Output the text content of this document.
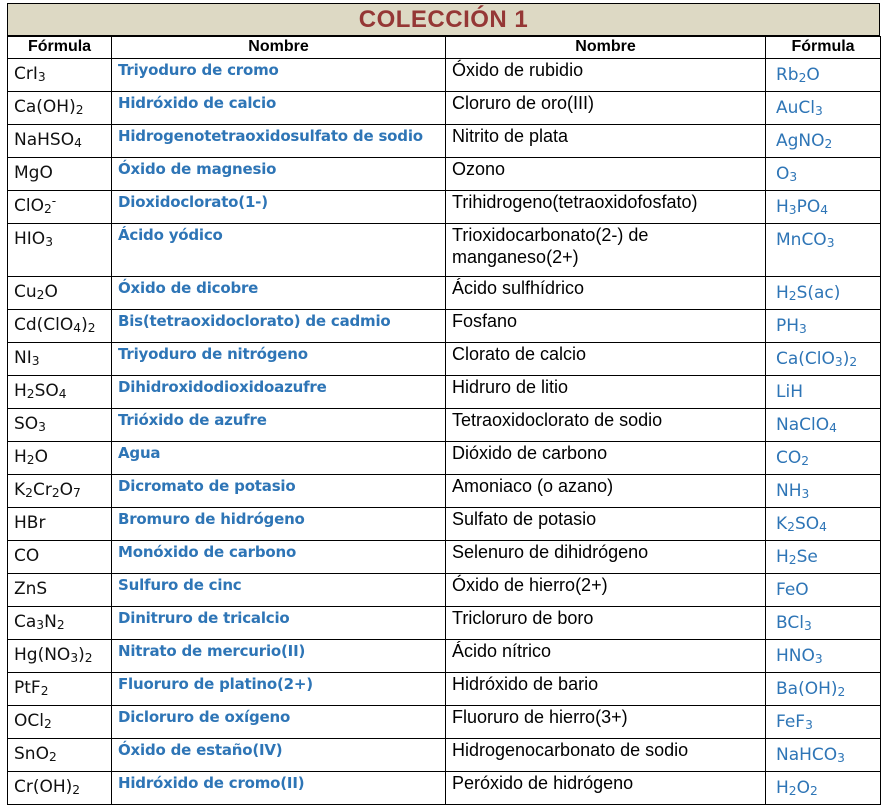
COLECCIÓN 1
Fórmula	Nombre	Nombre	Fórmula
CrI$_3$	Triyoduro de cromo	Óxido de rubidio	$Rb_2O$
$Ca(OH)_2$	Hidróxido de calcio	Cloruro de oro(III)	AuCl$_3$
NaHSO$_4$	Hidrogenotetraoxidosulfato de sodio	Nitrito de plata	AgNO$_2$
MgO	Óxido de magnesio	Ozono	$O_3$
ClO$_2$-	Dioxidoclorato(1-)	Trihidrogeno(tetraoxidofosfato)	$H_3PO_4$
$HIO_3$	Ácido yódico	Trioxidocarbonato(2-) de manganeso(2+)	MnCO$_3$
$Cu_2O$	Óxido de dicobre	Ácido sulfhídrico	$H_2S(ac)$
$Cd(ClO_4)_2$	Bis(tetraoxidoclorato) de cadmio	Fosfano	$PH_3$
$NI_3$	Triyoduro de nitrógeno	Clorato de calcio	$Ca(ClO_3)_2$
$H_2SO_4$	Dihidroxidodioxidoazufre	Hidruro de litio	LiH
$SO_3$	Trióxido de azufre	Tetraoxidoclorato de sodio	NaClO$_4$
$H_2O$	Agua	Dióxido de carbono	$CO_2$
$K_2Cr_2O_7$	Dicromato de potasio	Amoniaco (o azano)	$NH_3$
HBr	Bromuro de hidrógeno	Sulfato de potasio	$K_2SO_4$
CO	Monóxido de carbono	Selenuro de dihidrógeno	$H_2Se$
ZnS	Sulfuro de cinc	Óxido de hierro(2+)	FeO
$Ca_3N_2$	Dinitruro de tricalcio	Tricloruro de boro	BCl$_3$
$Hg(NO_3)_2$	Nitrato de mercurio(II)	Ácido nítrico	$HNO_3$
PtF$_2$	Fluoruro de platino(2+)	Hidróxido de bario	$Ba(OH)_2$
OCl$_2$	Dicloruro de oxígeno	Fluoruro de hierro(3+)	FeF$_3$
SnO$_2$	Óxido de estaño(IV)	Hidrogenocarbonato de sodio	NaHCO$_3$
$Cr(OH)_2$	Hidróxido de cromo(II)	Peróxido de hidrógeno	$H_2O_2$
